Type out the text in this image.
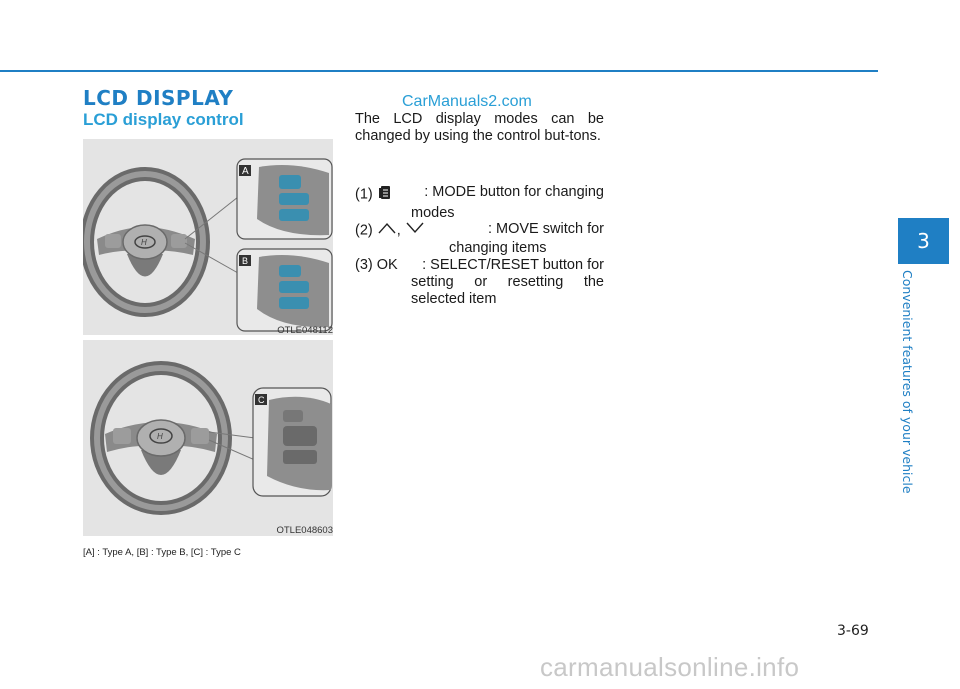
LCD DISPLAY
LCD display control
CarManuals2.com
H
A
B
OTLE048112
H
C
OTLE048603
[A] : Type A, [B] : Type B, [C] : Type C
The LCD display modes can be changed by using the control but-tons.
(1)	: MODE button for changing
modes
(2) ,	: MOVE switch for
changing items
(3) OK : SELECT/RESET button for
setting or resetting the selected item
3
Convenient features of your vehicle
3-69
carmanualsonline.info
